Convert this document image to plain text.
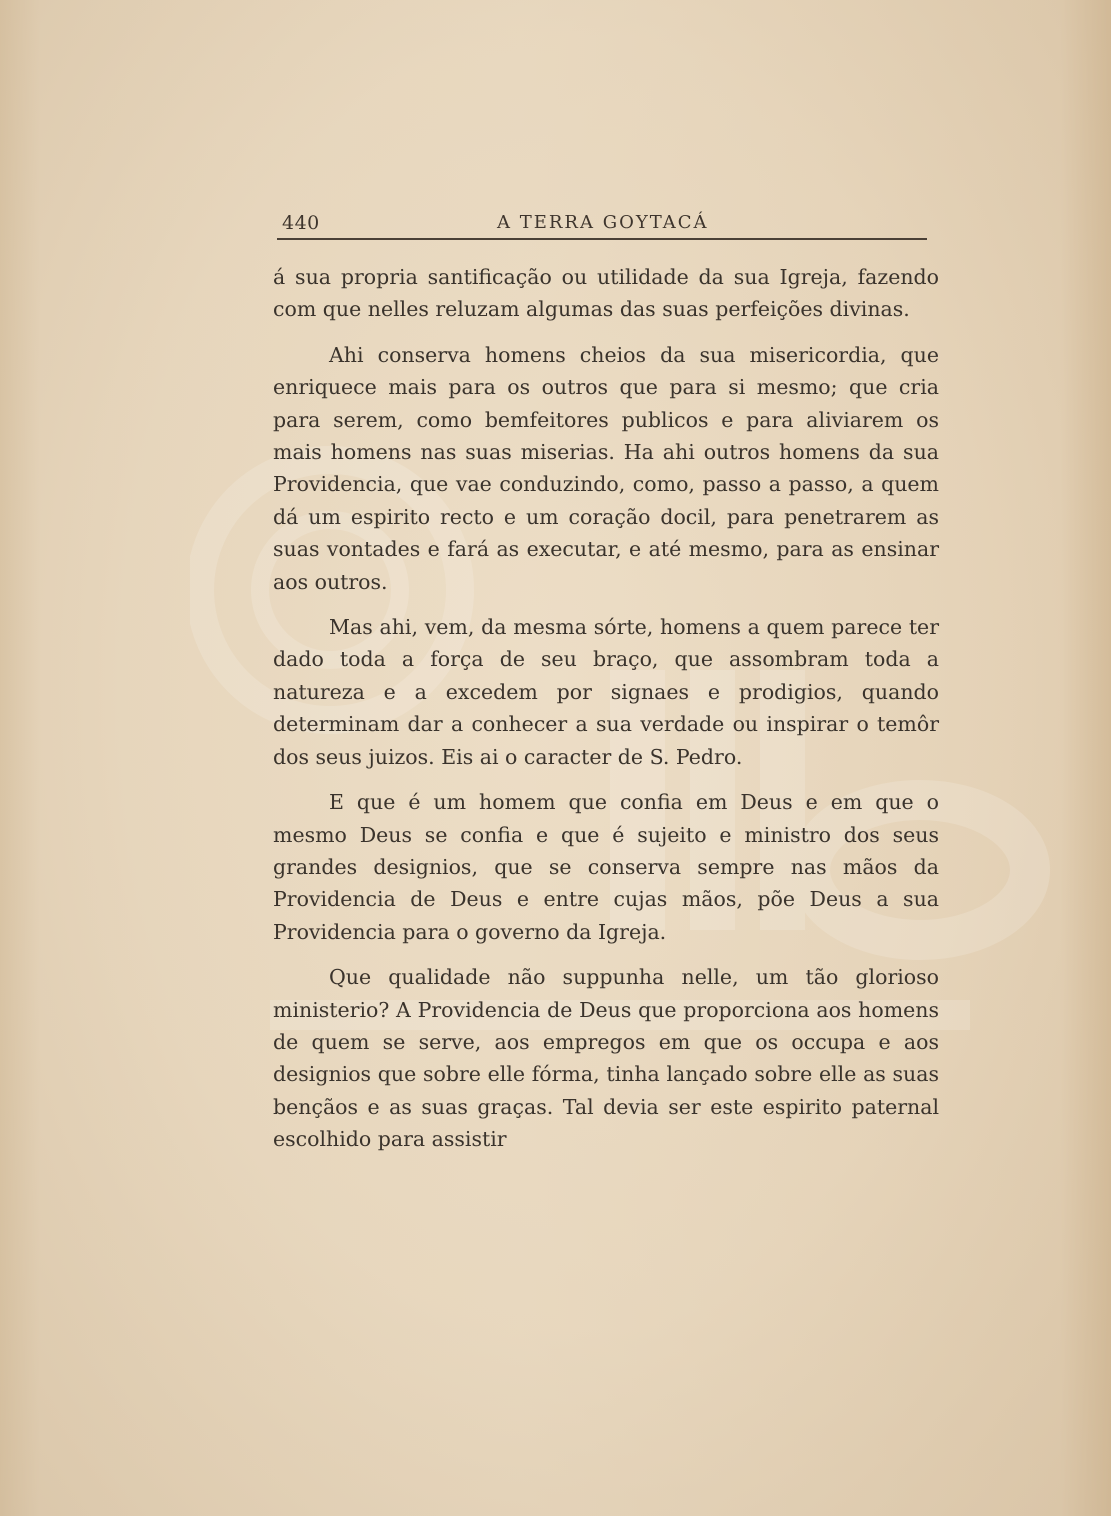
440	A TERRA GOYTACÁ

á sua propria santificação ou utilidade da sua Igreja, fazendo com que nelles reluzam algumas das suas perfeições divinas.

Ahi conserva homens cheios da sua misericordia, que enriquece mais para os outros que para si mesmo; que cria para serem, como bemfeitores publicos e para aliviarem os mais homens nas suas miserias. Ha ahi outros homens da sua Providencia, que vae conduzindo, como, passo a passo, a quem dá um espirito recto e um coração docil, para penetrarem as suas vontades e fará as executar, e até mesmo, para as ensinar aos outros.

Mas ahi, vem, da mesma sórte, homens a quem parece ter dado toda a força de seu braço, que assombram toda a natureza e a excedem por signaes e prodigios, quando determinam dar a conhecer a sua verdade ou inspirar o temôr dos seus juizos. Eis ai o caracter de S. Pedro.

E que é um homem que confia em Deus e em que o mesmo Deus se confia e que é sujeito e ministro dos seus grandes designios, que se conserva sempre nas mãos da Providencia de Deus e entre cujas mãos, põe Deus a sua Providencia para o governo da Igreja.

Que qualidade não suppunha nelle, um tão glorioso ministerio? A Providencia de Deus que proporciona aos homens de quem se serve, aos empregos em que os occupa e aos designios que sobre elle fórma, tinha lançado sobre elle as suas bençãos e as suas graças. Tal devia ser este espirito paternal escolhido para assistir
